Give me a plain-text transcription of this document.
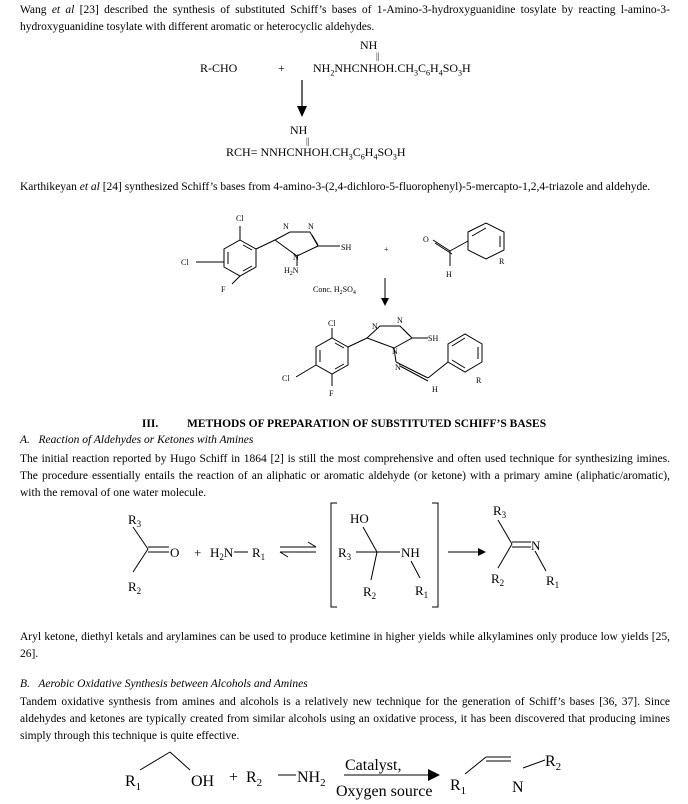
Wang et al [23] described the synthesis of substituted Schiff’s bases of 1-Amino-3-hydroxyguanidine tosylate by reacting l-amino-3-hydroxyguanidine tosylate with different aromatic or heterocyclic aldehydes.
NH
||
R-CHO	+ $NH_2NHCNHOH.CH_3C_6H_4SO_3H$
NH
||
$RCH= NNHCNHOH.CH_3C_6H_4SO_3H$
Karthikeyan et al [24] synthesized Schiff’s bases from 4-amino-3-(2,4-dichloro-5-fluorophenyl)-5-mercapto-1,2,4-triazole and aldehyde.
Cl
Cl
F
N N
SH
N
$H_2N$
+
O
H
R
Conc. $H_2SO_4$
Cl
Cl
F
N
N
SH
N
N
H
R
III.	METHODS OF PREPARATION OF SUBSTITUTED SCHIFF’S BASES
A. Reaction of Aldehydes or Ketones with Amines
The initial reaction reported by Hugo Schiff in 1864 [2] is still the most comprehensive and often used technique for synthesizing imines. The procedure essentially entails the reaction of an aliphatic or aromatic aldehyde (or ketone) with a primary amine (aliphatic/aromatic), with the removal of one water molecule.
$R_3$
O
$R_2$
+ $H_2N$ $R_1$
HO
$R_3$	NH
$R_2$	$R_1$
$R_3$
N
$R_2$	$R_1$
Aryl ketone, diethyl ketals and arylamines can be used to produce ketimine in higher yields while alkylamines only produce low yields [25, 26].
B. Aerobic Oxidative Synthesis between Alcohols and Amines
Tandem oxidative synthesis from amines and alcohols is a relatively new technique for the generation of Schiff’s bases [36, 37]. Since aldehydes and ketones are typically created from similar alcohols using an oxidative process, it has been discovered that producing imines simply through this technique is quite effective.
$R_1$	OH + $R_2$ $NH_2$
Catalyst,
Oxygen source $R_1$	N
$R_2$
